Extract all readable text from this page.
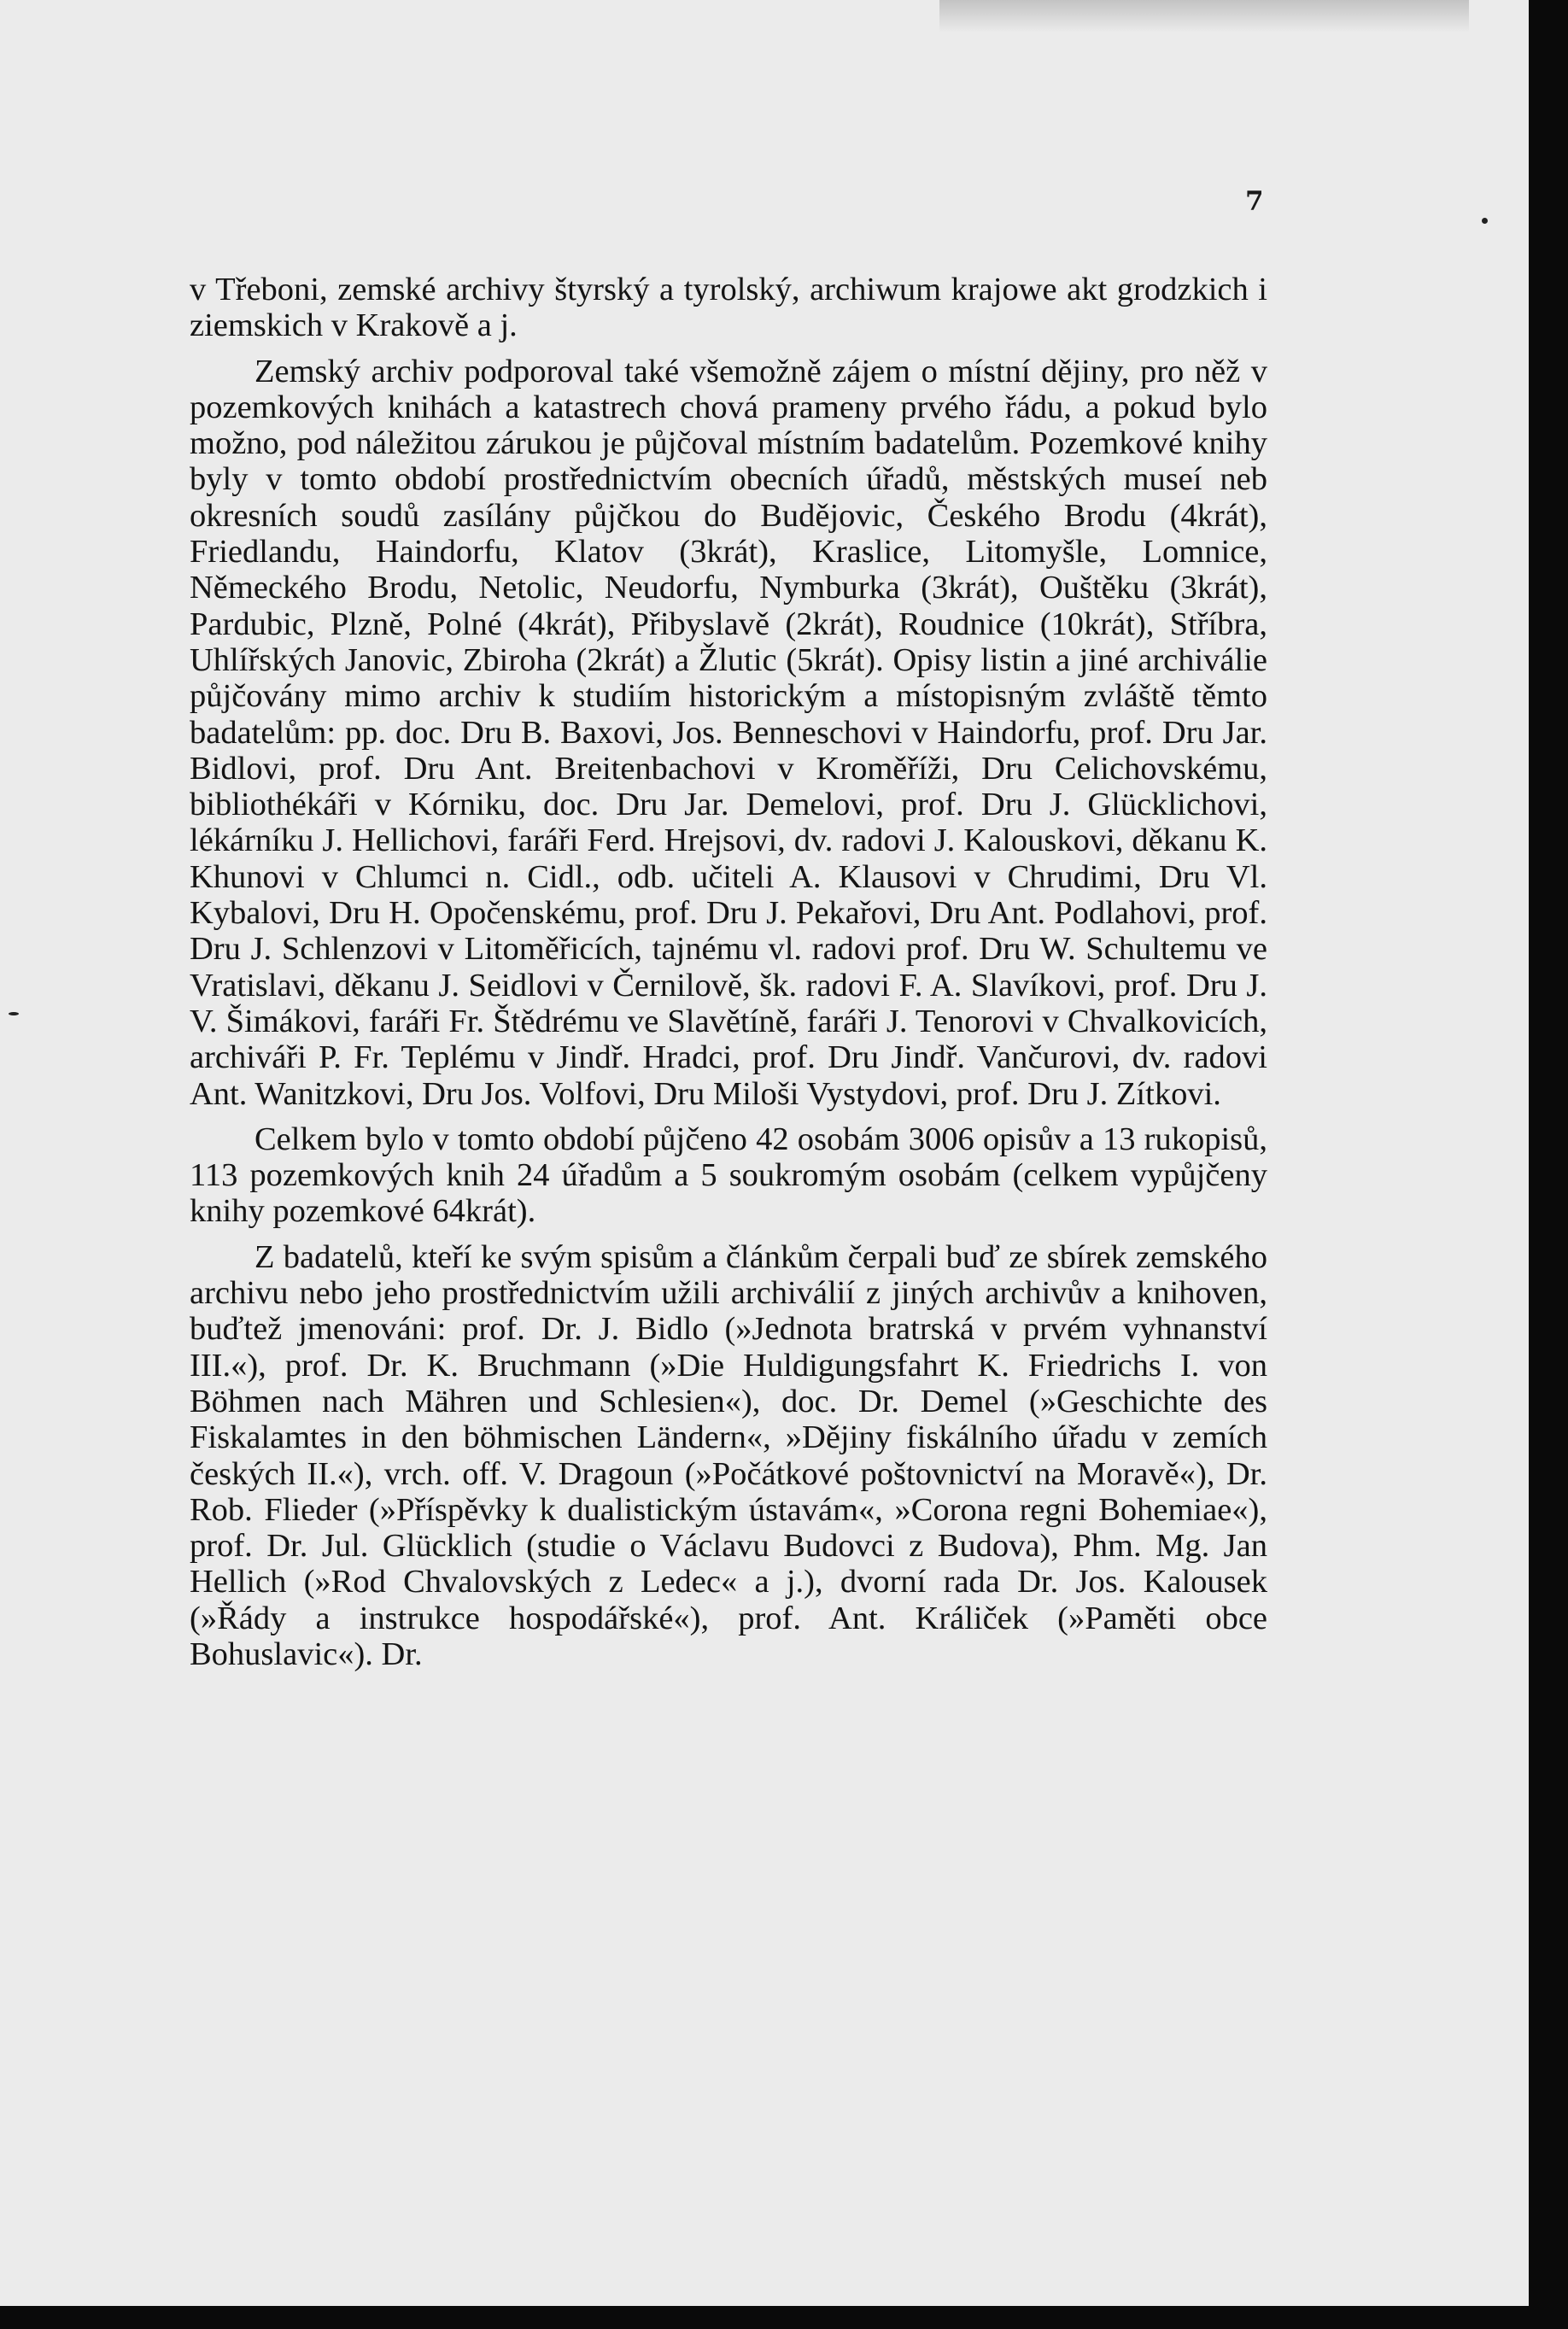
7

v Třeboni, zemské archivy štyrský a tyrolský, archiwum krajowe akt grodzkich i ziemskich v Krakově a j.

Zemský archiv podporoval také všemožně zájem o místní dějiny, pro něž v pozemkových knihách a katastrech chová prameny prvého řádu, a pokud bylo možno, pod náležitou zárukou je půjčoval místním badatelům. Pozemkové knihy byly v tomto období prostřednictvím obecních úřadů, městských museí neb okresních soudů zasílány půjčkou do Budějovic, Českého Brodu (4krát), Friedlandu, Haindorfu, Klatov (3krát), Kraslice, Litomyšle, Lomnice, Německého Brodu, Netolic, Neudorfu, Nymburka (3krát), Ouštěku (3krát), Pardubic, Plzně, Polné (4krát), Přibyslavě (2krát), Roudnice (10krát), Stříbra, Uhlířských Janovic, Zbiroha (2krát) a Žlutic (5krát). Opisy listin a jiné archiválie půjčovány mimo archiv k studiím historickým a místopisným zvláště těmto badatelům: pp. doc. Dru B. Baxovi, Jos. Benneschovi v Haindorfu, prof. Dru Jar. Bidlovi, prof. Dru Ant. Breitenbachovi v Kroměříži, Dru Celichovskému, bibliothékáři v Kórniku, doc. Dru Jar. Demelovi, prof. Dru J. Glücklichovi, lékárníku J. Hellichovi, faráři Ferd. Hrejsovi, dv. radovi J. Kalouskovi, děkanu K. Khunovi v Chlumci n. Cidl., odb. učiteli A. Klausovi v Chrudimi, Dru Vl. Kybalovi, Dru H. Opočenskému, prof. Dru J. Pekařovi, Dru Ant. Podlahovi, prof. Dru J. Schlenzovi v Litoměřicích, tajnému vl. radovi prof. Dru W. Schultemu ve Vratislavi, děkanu J. Seidlovi v Černilově, šk. radovi F. A. Slavíkovi, prof. Dru J. V. Šimákovi, faráři Fr. Štědrému ve Slavětíně, faráři J. Tenorovi v Chvalkovicích, archiváři P. Fr. Teplému v Jindř. Hradci, prof. Dru Jindř. Vančurovi, dv. radovi Ant. Wanitzkovi, Dru Jos. Volfovi, Dru Miloši Vystydovi, prof. Dru J. Zítkovi.

Celkem bylo v tomto období půjčeno 42 osobám 3006 opisův a 13 rukopisů, 113 pozemkových knih 24 úřadům a 5 soukromým osobám (celkem vypůjčeny knihy pozemkové 64krát).

Z badatelů, kteří ke svým spisům a článkům čerpali buď ze sbírek zemského archivu nebo jeho prostřednictvím užili archiválií z jiných archivův a knihoven, buďtež jmenováni: prof. Dr. J. Bidlo (»Jednota bratrská v prvém vyhnanství III.«), prof. Dr. K. Bruchmann (»Die Huldigungsfahrt K. Friedrichs I. von Böhmen nach Mähren und Schlesien«), doc. Dr. Demel (»Geschichte des Fiskalamtes in den böhmischen Ländern«, »Dějiny fiskálního úřadu v zemích českých II.«), vrch. off. V. Dragoun (»Počátkové poštovnictví na Moravě«), Dr. Rob. Flieder (»Příspěvky k dualistickým ústavám«, »Corona regni Bohemiae«), prof. Dr. Jul. Glücklich (studie o Václavu Budovci z Budova), Phm. Mg. Jan Hellich (»Rod Chvalovských z Ledec« a j.), dvorní rada Dr. Jos. Kalousek (»Řády a instrukce hospodářské«), prof. Ant. Králiček (»Paměti obce Bohuslavic«). Dr.
